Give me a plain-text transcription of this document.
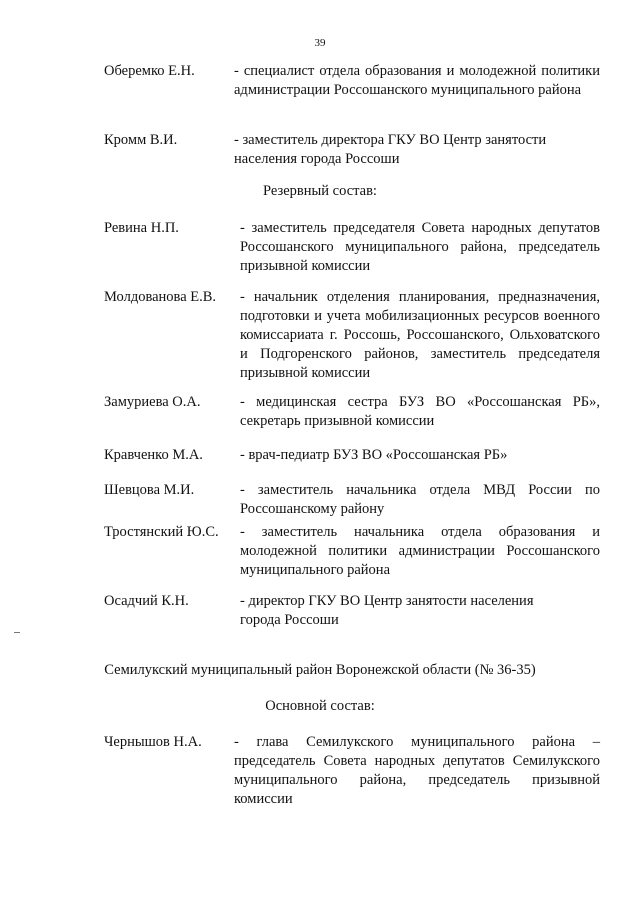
39
Оберемко Е.Н.	- специалист отдела образования и молодежной политики администрации Россошанского муниципального района
Кромм В.И.	- заместитель директора ГКУ ВО Центр занятости населения города Россоши
Резервный состав:
Ревина Н.П.	- заместитель председателя Совета народных депутатов Россошанского муниципального района, председатель призывной комиссии
Молдованова Е.В. - начальник отделения планирования, предназначения, подготовки и учета мобилизационных ресурсов военного комиссариата г. Россошь, Россошанского, Ольховатского и Подгоренского районов, заместитель председателя призывной комиссии
Замуриева О.А.	- медицинская сестра БУЗ ВО «Россошанская РБ», секретарь призывной комиссии
Кравченко М.А.	- врач-педиатр БУЗ ВО «Россошанская РБ»
Шевцова М.И.	- заместитель начальника отдела МВД России по Россошанскому району
Тростянский Ю.С. - заместитель начальника отдела образования и молодежной политики администрации Россошанского муниципального района
Осадчий К.Н.	- директор ГКУ ВО Центр занятости населения города Россоши
Семилукский муниципальный район Воронежской области (№ 36-35)
Основной состав:
Чернышов Н.А. - глава Семилукского муниципального района – председатель Совета народных депутатов Семилукского муниципального района, председатель призывной комиссии
